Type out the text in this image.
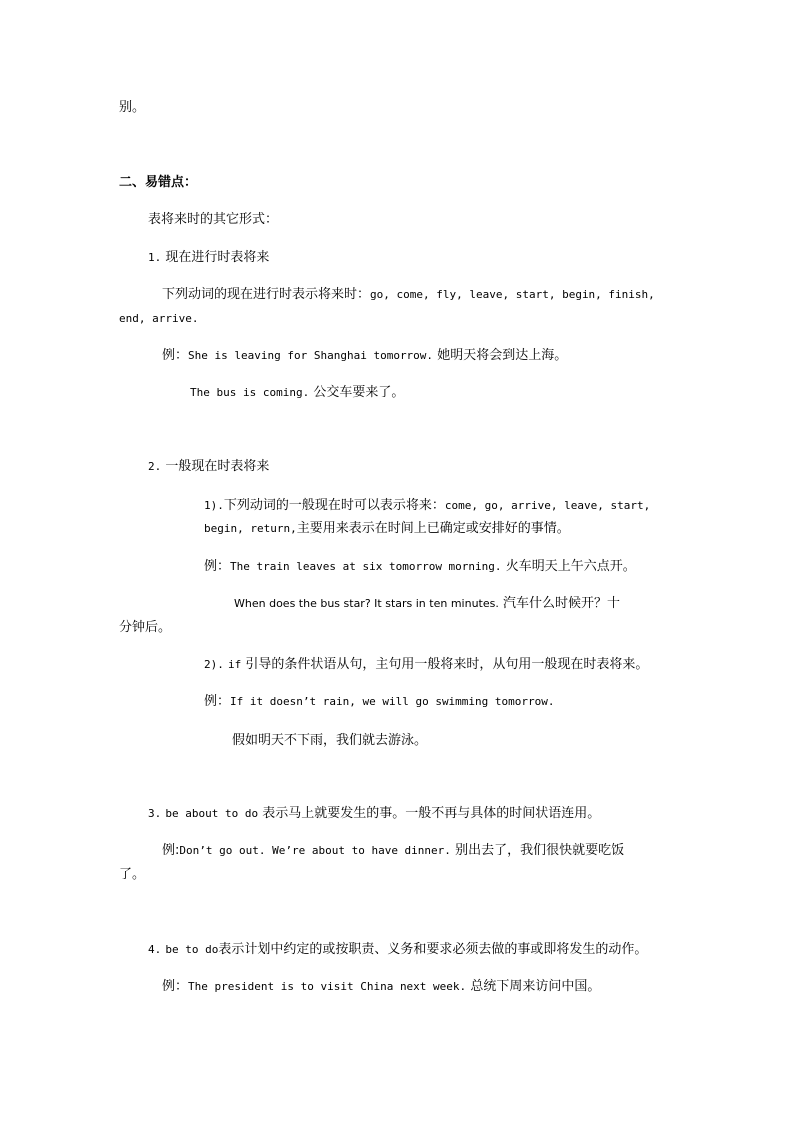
别。
二、易错点：
表将来时的其它形式：
1. 现在进行时表将来
下列动词的现在进行时表示将来时：go, come, fly, leave, start, begin, finish,
end, arrive.
例：She is leaving for Shanghai tomorrow. 她明天将会到达上海。
The bus is coming. 公交车要来了。
2. 一般现在时表将来
1).下列动词的一般现在时可以表示将来：come, go, arrive, leave, start,
begin, return,主要用来表示在时间上已确定或安排好的事情。
例：The train leaves at six tomorrow morning. 火车明天上午六点开。
When does the bus star? It stars in ten minutes. 汽车什么时候开？十
分钟后。
2). if 引导的条件状语从句，主句用一般将来时，从句用一般现在时表将来。
例：If it doesn’t rain, we will go swimming tomorrow.
假如明天不下雨，我们就去游泳。
3. be about to do 表示马上就要发生的事。一般不再与具体的时间状语连用。
例:Don’t go out. We’re about to have dinner. 别出去了，我们很快就要吃饭
了。
4. be to do表示计划中约定的或按职责、义务和要求必须去做的事或即将发生的动作。
例：The president is to visit China next week. 总统下周来访问中国。
